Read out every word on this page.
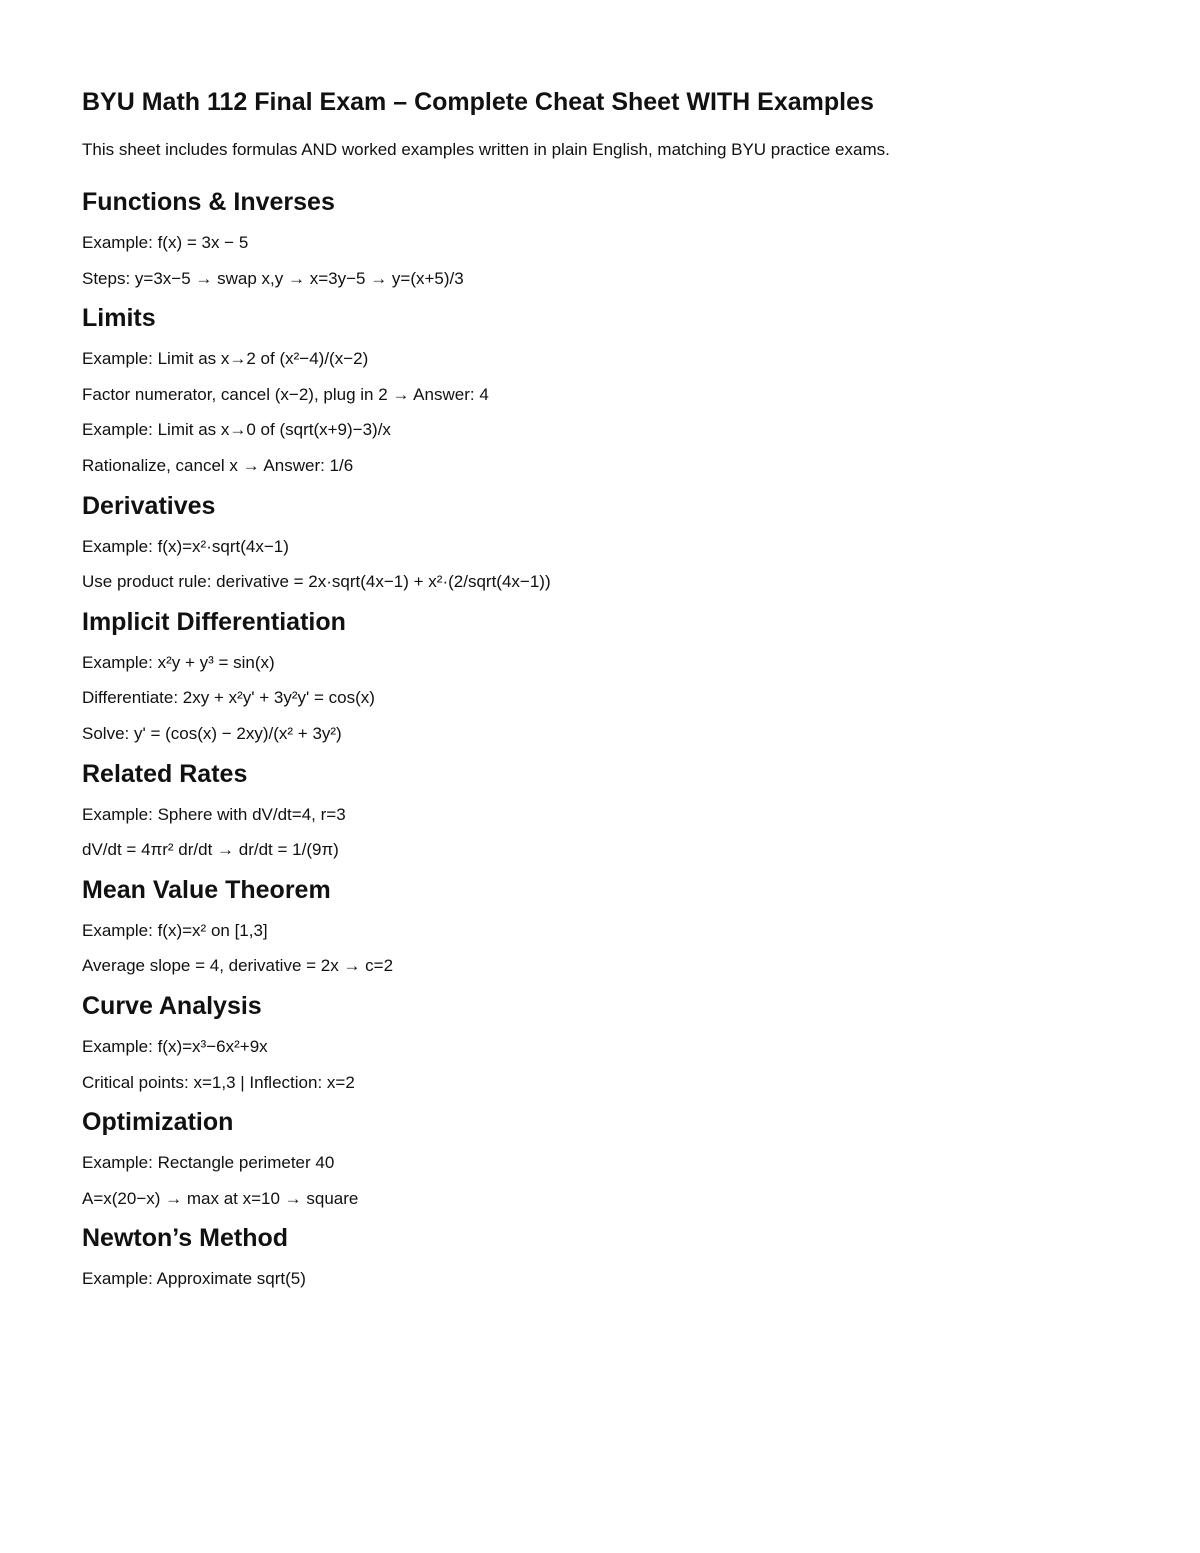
BYU Math 112 Final Exam – Complete Cheat Sheet WITH Examples

This sheet includes formulas AND worked examples written in plain English, matching BYU practice exams.

Functions & Inverses

Example: f(x) = 3x − 5

Steps: y=3x−5 → swap x,y → x=3y−5 → y=(x+5)/3

Limits

Example: Limit as x→2 of (x²−4)/(x−2)

Factor numerator, cancel (x−2), plug in 2 → Answer: 4

Example: Limit as x→0 of (sqrt(x+9)−3)/x

Rationalize, cancel x → Answer: 1/6

Derivatives

Example: f(x)=x²·sqrt(4x−1)

Use product rule: derivative = 2x·sqrt(4x−1) + x²·(2/sqrt(4x−1))

Implicit Differentiation

Example: x²y + y³ = sin(x)

Differentiate: 2xy + x²y' + 3y²y' = cos(x)

Solve: y' = (cos(x) − 2xy)/(x² + 3y²)

Related Rates

Example: Sphere with dV/dt=4, r=3

dV/dt = 4πr² dr/dt → dr/dt = 1/(9π)

Mean Value Theorem

Example: f(x)=x² on [1,3]

Average slope = 4, derivative = 2x → c=2

Curve Analysis

Example: f(x)=x³−6x²+9x

Critical points: x=1,3 | Inflection: x=2

Optimization

Example: Rectangle perimeter 40

A=x(20−x) → max at x=10 → square

Newton’s Method

Example: Approximate sqrt(5)
